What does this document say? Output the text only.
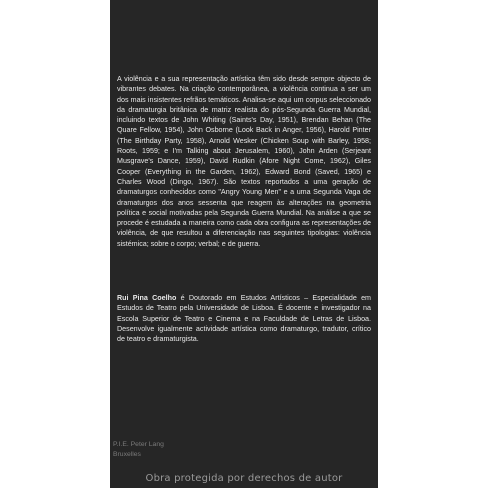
A violência e a sua representação artística têm sido desde sempre objecto de vibrantes debates. Na criação contemporânea, a violência continua a ser um dos mais insistentes refrãos temáticos. Analisa-se aqui um corpus seleccionado da dramaturgia britânica de matriz realista do pós-Segunda Guerra Mundial, incluindo textos de John Whiting (Saints's Day, 1951), Brendan Behan (The Quare Fellow, 1954), John Osborne (Look Back in Anger, 1956), Harold Pinter (The Birthday Party, 1958), Arnold Wesker (Chicken Soup with Barley, 1958; Roots, 1959; e I'm Talking about Jerusalem, 1960), John Arden (Serjeant Musgrave's Dance, 1959), David Rudkin (Afore Night Come, 1962), Giles Cooper (Everything in the Garden, 1962), Edward Bond (Saved, 1965) e Charles Wood (Dingo, 1967). São textos reportados a uma geração de dramaturgos conhecidos como "Angry Young Men" e a uma Segunda Vaga de dramaturgos dos anos sessenta que reagem às alterações na geometria política e social motivadas pela Segunda Guerra Mundial. Na análise a que se procede é estudada a maneira como cada obra configura as representações de violência, de que resultou a diferenciação nas seguintes tipologias: violência sistémica; sobre o corpo; verbal; e de guerra.

Rui Pina Coelho é Doutorado em Estudos Artísticos – Especialidade em Estudos de Teatro pela Universidade de Lisboa. É docente e investigador na Escola Superior de Teatro e Cinema e na Faculdade de Letras de Lisboa. Desenvolve igualmente actividade artística como dramaturgo, tradutor, crítico de teatro e dramaturgista.

P.I.E. Peter Lang
Bruxelles
Obra protegida por derechos de autor
